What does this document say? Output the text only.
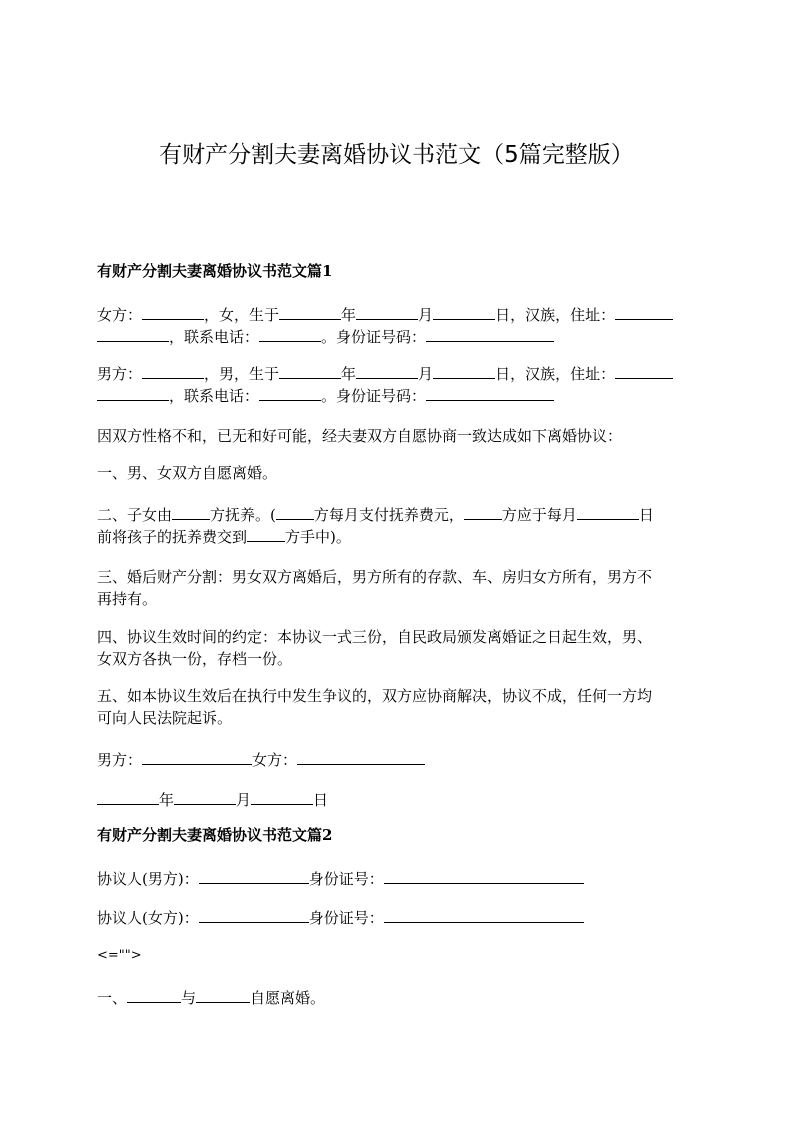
有财产分割夫妻离婚协议书范文（5篇完整版）
有财产分割夫妻离婚协议书范文篇1
女方：	，女，生于	年	月	日，汉族，住址：
，联系电话：	。身份证号码：
男方：	，男，生于	年	月	日，汉族，住址：
，联系电话：	。身份证号码：
因双方性格不和，已无和好可能，经夫妻双方自愿协商一致达成如下离婚协议：
一、男、女双方自愿离婚。
二、子女由	方抚养。(	方每月支付抚养费元，	方应于每月	日
前将孩子的抚养费交到	方手中)。
三、婚后财产分割：男女双方离婚后，男方所有的存款、车、房归女方所有，男方不
再持有。
四、协议生效时间的约定：本协议一式三份，自民政局颁发离婚证之日起生效，男、
女双方各执一份，存档一份。
五、如本协议生效后在执行中发生争议的，双方应协商解决，协议不成，任何一方均
可向人民法院起诉。
男方：	女方：
年	月	日
有财产分割夫妻离婚协议书范文篇2
协议人(男方)：	身份证号：
协议人(女方)：	身份证号：
<="">
一、	与	自愿离婚。
